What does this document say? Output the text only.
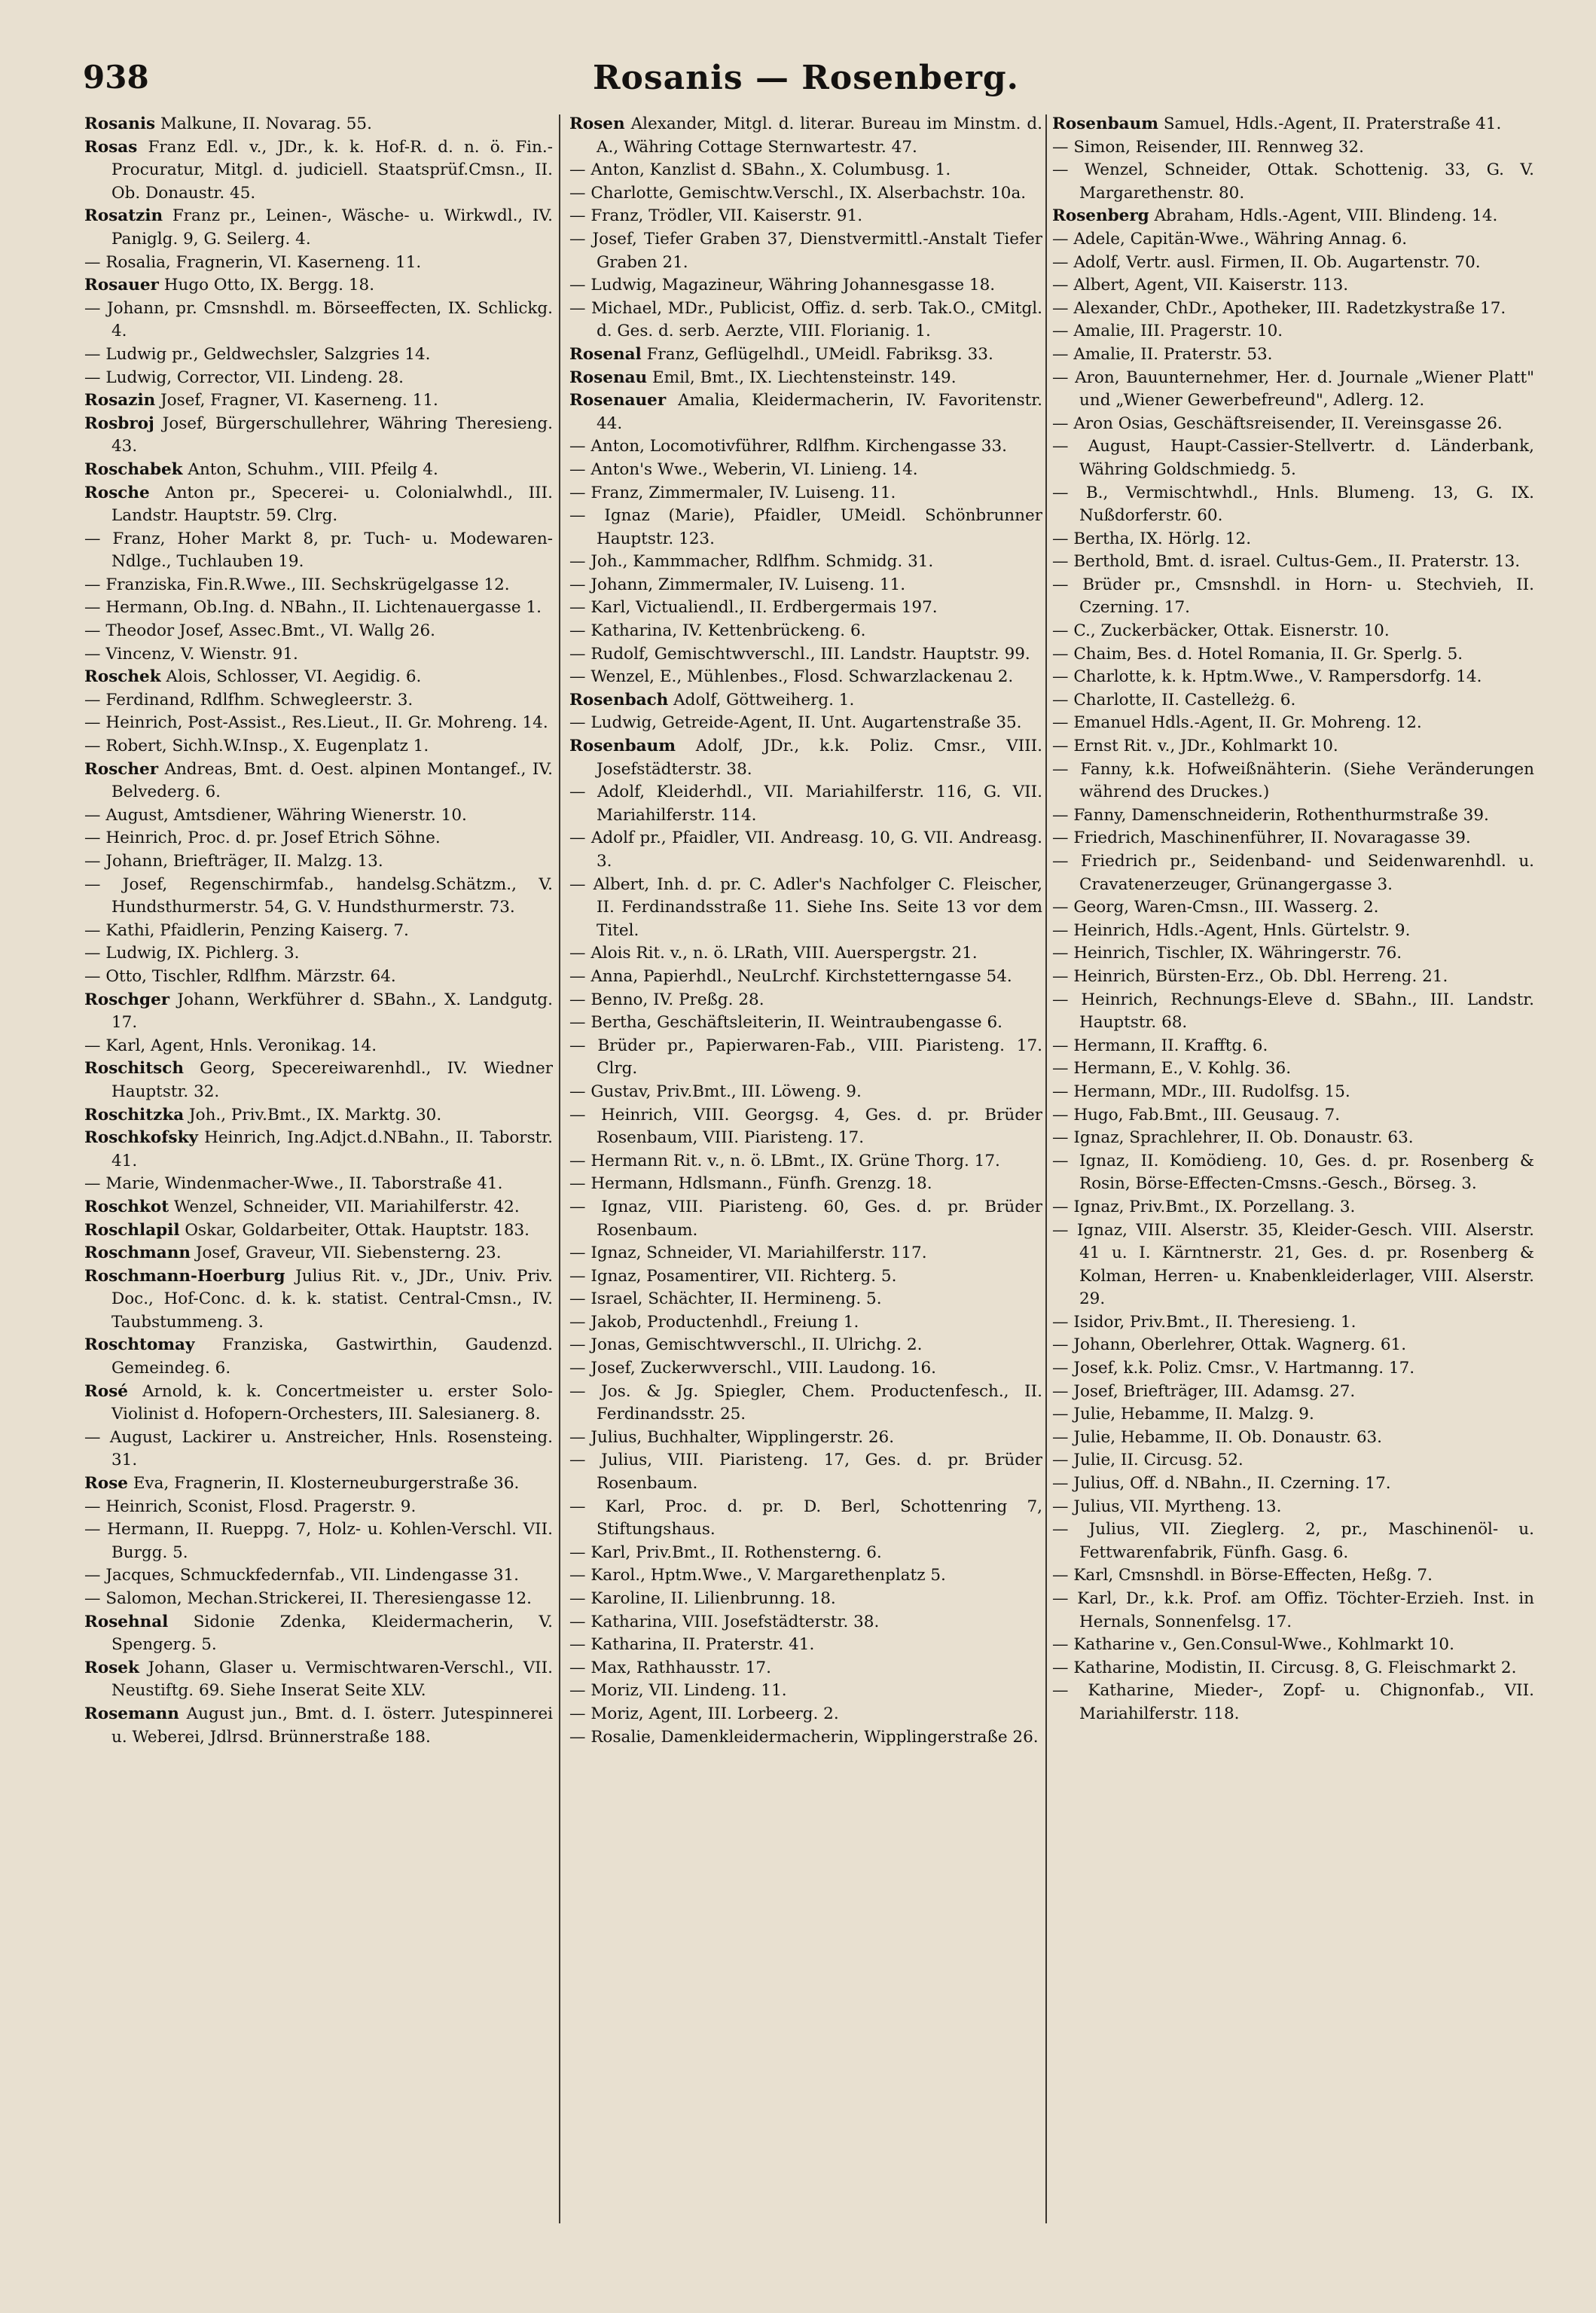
938	Rosanis — Rosenberg.
Rosanis Malkune, II. Novarag. 55.
Rosas Franz Edl. v., JDr., k. k. Hof-R. d. n. ö. Fin.-Procuratur, Mitgl. d. judiciell. Staatsprüf.Cmsn., II. Ob. Donaustr. 45.
Rosatzin Franz pr., Leinen-, Wäsche- u. Wirkwdl., IV. Paniglg. 9, G. Seilerg. 4.
— Rosalia, Fragnerin, VI. Kaserneng. 11.
Rosauer Hugo Otto, IX. Bergg. 18.
— Johann, pr. Cmsnshdl. m. Börseeffecten, IX. Schlickg. 4.
— Ludwig pr., Geldwechsler, Salzgries 14.
— Ludwig, Corrector, VII. Lindeng. 28.
Rosazin Josef, Fragner, VI. Kaserneng. 11.
Rosbroj Josef, Bürgerschullehrer, Währing Theresieng. 43.
Roschabek Anton, Schuhm., VIII. Pfeilg 4.
Rosche Anton pr., Specerei- u. Colonialwhdl., III. Landstr. Hauptstr. 59. Clrg.
— Franz, Hoher Markt 8, pr. Tuch- u. Modewaren-Ndlge., Tuchlauben 19.
— Franziska, Fin.R.Wwe., III. Sechskrügelgasse 12.
— Hermann, Ob.Ing. d. NBahn., II. Lichtenauergasse 1.
— Theodor Josef, Assec.Bmt., VI. Wallg 26.
— Vincenz, V. Wienstr. 91.
Roschek Alois, Schlosser, VI. Aegidig. 6.
— Ferdinand, Rdlfhm. Schwegleerstr. 3.
— Heinrich, Post-Assist., Res.Lieut., II. Gr. Mohreng. 14.
— Robert, Sichh.W.Insp., X. Eugenplatz 1.
Roscher Andreas, Bmt. d. Oest. alpinen Montangef., IV. Belvederg. 6.
— August, Amtsdiener, Währing Wienerstr. 10.
— Heinrich, Proc. d. pr. Josef Etrich Söhne.
— Johann, Briefträger, II. Malzg. 13.
— Josef, Regenschirmfab., handelsg.Schätzm., V. Hundsthurmerstr. 54, G. V. Hundsthurmerstr. 73.
— Kathi, Pfaidlerin, Penzing Kaiserg. 7.
— Ludwig, IX. Pichlerg. 3.
— Otto, Tischler, Rdlfhm. Märzstr. 64.
Roschger Johann, Werkführer d. SBahn., X. Landgutg. 17.
— Karl, Agent, Hnls. Veronikag. 14.
Roschitsch Georg, Specereiwarenhdl., IV. Wiedner Hauptstr. 32.
Roschitzka Joh., Priv.Bmt., IX. Marktg. 30.
Roschkofsky Heinrich, Ing.Adjct.d.NBahn., II. Taborstr. 41.
— Marie, Windenmacher-Wwe., II. Taborstraße 41.
Roschkot Wenzel, Schneider, VII. Mariahilferstr. 42.
Roschlapil Oskar, Goldarbeiter, Ottak. Hauptstr. 183.
Roschmann Josef, Graveur, VII. Siebensterng. 23.
Roschmann-Hoerburg Julius Rit. v., JDr., Univ. Priv. Doc., Hof-Conc. d. k. k. statist. Central-Cmsn., IV. Taubstummeng. 3.
Roschtomay Franziska, Gastwirthin, Gaudenzd. Gemeindeg. 6.
Rosé Arnold, k. k. Concertmeister u. erster Solo-Violinist d. Hofopern-Orchesters, III. Salesianerg. 8.
— August, Lackirer u. Anstreicher, Hnls. Rosensteing. 31.
Rose Eva, Fragnerin, II. Klosterneuburgerstraße 36.
— Heinrich, Sconist, Flosd. Pragerstr. 9.
— Hermann, II. Rueppg. 7, Holz- u. Kohlen-Verschl. VII. Burgg. 5.
— Jacques, Schmuckfedernfab., VII. Lindengasse 31.
— Salomon, Mechan.Strickerei, II. Theresiengasse 12.
Rosehnal Sidonie Zdenka, Kleidermacherin, V. Spengerg. 5.
Rosek Johann, Glaser u. Vermischtwaren-Verschl., VII. Neustiftg. 69. Siehe Inserat Seite XLV.
Rosemann August jun., Bmt. d. I. österr. Jutespinnerei u. Weberei, Jdlrsd. Brünnerstraße 188.
Rosen Alexander, Mitgl. d. literar. Bureau im Minstm. d. A., Währing Cottage Sternwartestr. 47.
— Anton, Kanzlist d. SBahn., X. Columbusg. 1.
— Charlotte, Gemischtw.Verschl., IX. Alserbachstr. 10a.
— Franz, Trödler, VII. Kaiserstr. 91.
— Josef, Tiefer Graben 37, Dienstvermittl.-Anstalt Tiefer Graben 21.
— Ludwig, Magazineur, Währing Johannesgasse 18.
— Michael, MDr., Publicist, Offiz. d. serb. Tak.O., CMitgl. d. Ges. d. serb. Aerzte, VIII. Florianig. 1.
Rosenal Franz, Geflügelhdl., UMeidl. Fabriksg. 33.
Rosenau Emil, Bmt., IX. Liechtensteinstr. 149.
Rosenauer Amalia, Kleidermacherin, IV. Favoritenstr. 44.
— Anton, Locomotivführer, Rdlfhm. Kirchengasse 33.
— Anton's Wwe., Weberin, VI. Linieng. 14.
— Franz, Zimmermaler, IV. Luiseng. 11.
— Ignaz (Marie), Pfaidler, UMeidl. Schönbrunner Hauptstr. 123.
— Joh., Kammmacher, Rdlfhm. Schmidg. 31.
— Johann, Zimmermaler, IV. Luiseng. 11.
— Karl, Victualiendl., II. Erdbergermais 197.
— Katharina, IV. Kettenbrückeng. 6.
— Rudolf, Gemischtwverschl., III. Landstr. Hauptstr. 99.
— Wenzel, E., Mühlenbes., Flosd. Schwarzlackenau 2.
Rosenbach Adolf, Göttweiherg. 1.
— Ludwig, Getreide-Agent, II. Unt. Augartenstraße 35.
Rosenbaum Adolf, JDr., k.k. Poliz. Cmsr., VIII. Josefstädterstr. 38.
— Adolf, Kleiderhdl., VII. Mariahilferstr. 116, G. VII. Mariahilferstr. 114.
— Adolf pr., Pfaidler, VII. Andreasg. 10, G. VII. Andreasg. 3.
— Albert, Inh. d. pr. C. Adler's Nachfolger C. Fleischer, II. Ferdinandsstraße 11. Siehe Ins. Seite 13 vor dem Titel.
— Alois Rit. v., n. ö. LRath, VIII. Auerspergstr. 21.
— Anna, Papierhdl., NeuLrchf. Kirchstetterngasse 54.
— Benno, IV. Preßg. 28.
— Bertha, Geschäftsleiterin, II. Weintraubengasse 6.
— Brüder pr., Papierwaren-Fab., VIII. Piaristeng. 17. Clrg.
— Gustav, Priv.Bmt., III. Löweng. 9.
— Heinrich, VIII. Georgsg. 4, Ges. d. pr. Brüder Rosenbaum, VIII. Piaristeng. 17.
— Hermann Rit. v., n. ö. LBmt., IX. Grüne Thorg. 17.
— Hermann, Hdlsmann., Fünfh. Grenzg. 18.
— Ignaz, VIII. Piaristeng. 60, Ges. d. pr. Brüder Rosenbaum.
— Ignaz, Schneider, VI. Mariahilferstr. 117.
— Ignaz, Posamentirer, VII. Richterg. 5.
— Israel, Schächter, II. Hermineng. 5.
— Jakob, Productenhdl., Freiung 1.
— Jonas, Gemischtwverschl., II. Ulrichg. 2.
— Josef, Zuckerwverschl., VIII. Laudong. 16.
— Jos. & Jg. Spiegler, Chem. Productenfesch., II. Ferdinandsstr. 25.
— Julius, Buchhalter, Wipplingerstr. 26.
— Julius, VIII. Piaristeng. 17, Ges. d. pr. Brüder Rosenbaum.
— Karl, Proc. d. pr. D. Berl, Schottenring 7, Stiftungshaus.
— Karl, Priv.Bmt., II. Rothensterng. 6.
— Karol., Hptm.Wwe., V. Margarethenplatz 5.
— Karoline, II. Lilienbrunng. 18.
— Katharina, VIII. Josefstädterstr. 38.
— Katharina, II. Praterstr. 41.
— Max, Rathhausstr. 17.
— Moriz, VII. Lindeng. 11.
— Moriz, Agent, III. Lorbeerg. 2.
— Rosalie, Damenkleidermacherin, Wipplingerstraße 26.
Rosenbaum Samuel, Hdls.-Agent, II. Praterstraße 41.
— Simon, Reisender, III. Rennweg 32.
— Wenzel, Schneider, Ottak. Schottenig. 33, G. V. Margarethenstr. 80.
Rosenberg Abraham, Hdls.-Agent, VIII. Blindeng. 14.
— Adele, Capitän-Wwe., Währing Annag. 6.
— Adolf, Vertr. ausl. Firmen, II. Ob. Augartenstr. 70.
— Albert, Agent, VII. Kaiserstr. 113.
— Alexander, ChDr., Apotheker, III. Radetzkystraße 17.
— Amalie, III. Pragerstr. 10.
— Amalie, II. Praterstr. 53.
— Aron, Bauunternehmer, Her. d. Journale „Wiener Platt" und „Wiener Gewerbefreund", Adlerg. 12.
— Aron Osias, Geschäftsreisender, II. Vereinsgasse 26.
— August, Haupt-Cassier-Stellvertr. d. Länderbank, Währing Goldschmiedg. 5.
— B., Vermischtwhdl., Hnls. Blumeng. 13, G. IX. Nußdorferstr. 60.
— Bertha, IX. Hörlg. 12.
— Berthold, Bmt. d. israel. Cultus-Gem., II. Praterstr. 13.
— Brüder pr., Cmsnshdl. in Horn- u. Stechvieh, II. Czerning. 17.
— C., Zuckerbäcker, Ottak. Eisnerstr. 10.
— Chaim, Bes. d. Hotel Romania, II. Gr. Sperlg. 5.
— Charlotte, k. k. Hptm.Wwe., V. Rampersdorfg. 14.
— Charlotte, II. Castelleżg. 6.
— Emanuel Hdls.-Agent, II. Gr. Mohreng. 12.
— Ernst Rit. v., JDr., Kohlmarkt 10.
— Fanny, k.k. Hofweißnähterin. (Siehe Veränderungen während des Druckes.)
— Fanny, Damenschneiderin, Rothenthurmstraße 39.
— Friedrich, Maschinenführer, II. Novaragasse 39.
— Friedrich pr., Seidenband- und Seidenwarenhdl. u. Cravatenerzeuger, Grünangergasse 3.
— Georg, Waren-Cmsn., III. Wasserg. 2.
— Heinrich, Hdls.-Agent, Hnls. Gürtelstr. 9.
— Heinrich, Tischler, IX. Währingerstr. 76.
— Heinrich, Bürsten-Erz., Ob. Dbl. Herreng. 21.
— Heinrich, Rechnungs-Eleve d. SBahn., III. Landstr. Hauptstr. 68.
— Hermann, II. Krafftg. 6.
— Hermann, E., V. Kohlg. 36.
— Hermann, MDr., III. Rudolfsg. 15.
— Hugo, Fab.Bmt., III. Geusaug. 7.
— Ignaz, Sprachlehrer, II. Ob. Donaustr. 63.
— Ignaz, II. Komödieng. 10, Ges. d. pr. Rosenberg & Rosin, Börse-Effecten-Cmsns.-Gesch., Börseg. 3.
— Ignaz, Priv.Bmt., IX. Porzellang. 3.
— Ignaz, VIII. Alserstr. 35, Kleider-Gesch. VIII. Alserstr. 41 u. I. Kärntnerstr. 21, Ges. d. pr. Rosenberg & Kolman, Herren- u. Knabenkleiderlager, VIII. Alserstr. 29.
— Isidor, Priv.Bmt., II. Theresieng. 1.
— Johann, Oberlehrer, Ottak. Wagnerg. 61.
— Josef, k.k. Poliz. Cmsr., V. Hartmanng. 17.
— Josef, Briefträger, III. Adamsg. 27.
— Julie, Hebamme, II. Malzg. 9.
— Julie, Hebamme, II. Ob. Donaustr. 63.
— Julie, II. Circusg. 52.
— Julius, Off. d. NBahn., II. Czerning. 17.
— Julius, VII. Myrtheng. 13.
— Julius, VII. Zieglerg. 2, pr., Maschinenöl- u. Fettwarenfabrik, Fünfh. Gasg. 6.
— Karl, Cmsnshdl. in Börse-Effecten, Heßg. 7.
— Karl, Dr., k.k. Prof. am Offiz. Töchter-Erzieh. Inst. in Hernals, Sonnenfelsg. 17.
— Katharine v., Gen.Consul-Wwe., Kohlmarkt 10.
— Katharine, Modistin, II. Circusg. 8, G. Fleischmarkt 2.
— Katharine, Mieder-, Zopf- u. Chignonfab., VII. Mariahilferstr. 118.
